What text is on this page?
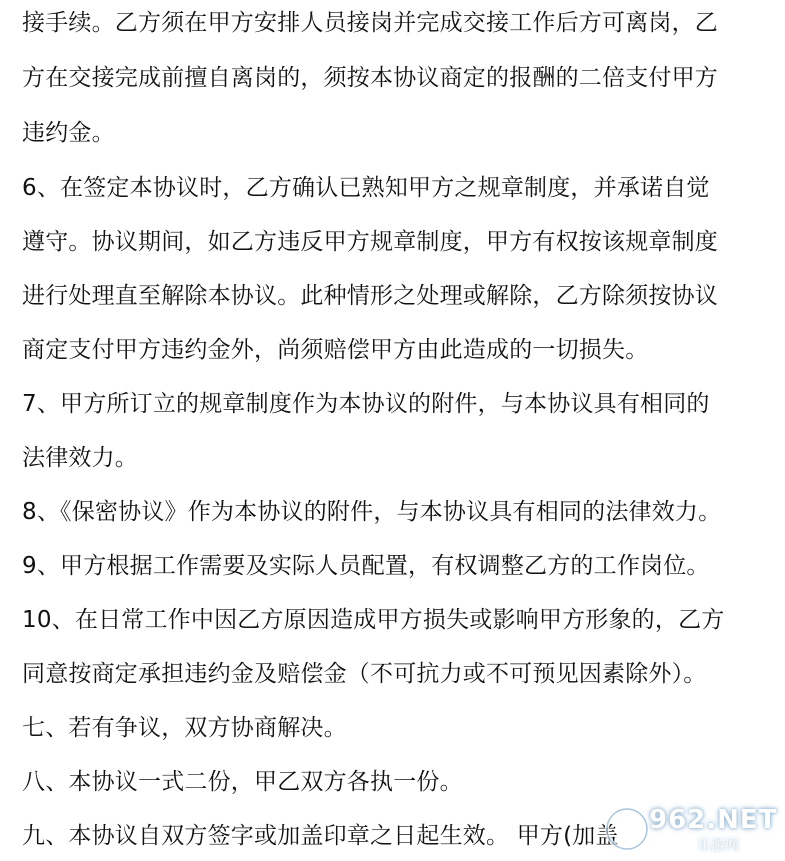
接手续。乙方须在甲方安排人员接岗并完成交接工作后方可离岗，乙
方在交接完成前擅自离岗的，须按本协议商定的报酬的二倍支付甲方
违约金。
6、在签定本协议时，乙方确认已熟知甲方之规章制度，并承诺自觉
遵守。协议期间，如乙方违反甲方规章制度，甲方有权按该规章制度
进行处理直至解除本协议。此种情形之处理或解除，乙方除须按协议
商定支付甲方违约金外，尚须赔偿甲方由此造成的一切损失。
7、甲方所订立的规章制度作为本协议的附件，与本协议具有相同的
法律效力。
8、《保密协议》作为本协议的附件，与本协议具有相同的法律效力。
9、甲方根据工作需要及实际人员配置，有权调整乙方的工作岗位。
10、在日常工作中因乙方原因造成甲方损失或影响甲方形象的，乙方
同意按商定承担违约金及赔偿金（不可抗力或不可预见因素除外）。
七、若有争议，双方协商解决。
八、本协议一式二份，甲乙双方各执一份。
九、本协议自双方签字或加盖印章之日起生效。 甲方(加盖
962.NET
乐游网
